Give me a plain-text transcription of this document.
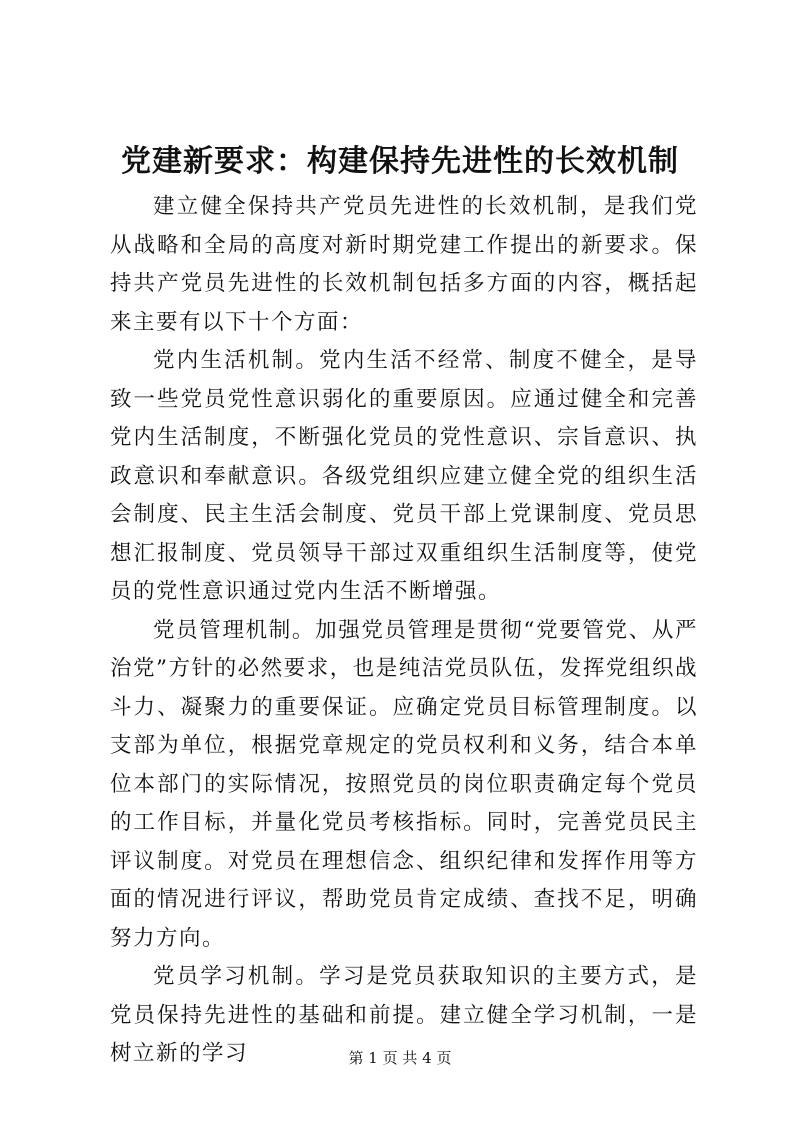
党建新要求：构建保持先进性的长效机制

建立健全保持共产党员先进性的长效机制，是我们党从战略和全局的高度对新时期党建工作提出的新要求。保持共产党员先进性的长效机制包括多方面的内容，概括起来主要有以下十个方面：

党内生活机制。党内生活不经常、制度不健全，是导致一些党员党性意识弱化的重要原因。应通过健全和完善党内生活制度，不断强化党员的党性意识、宗旨意识、执政意识和奉献意识。各级党组织应建立健全党的组织生活会制度、民主生活会制度、党员干部上党课制度、党员思想汇报制度、党员领导干部过双重组织生活制度等，使党员的党性意识通过党内生活不断增强。

党员管理机制。加强党员管理是贯彻“党要管党、从严治党”方针的必然要求，也是纯洁党员队伍，发挥党组织战斗力、凝聚力的重要保证。应确定党员目标管理制度。以支部为单位，根据党章规定的党员权利和义务，结合本单位本部门的实际情况，按照党员的岗位职责确定每个党员的工作目标，并量化党员考核指标。同时，完善党员民主评议制度。对党员在理想信念、组织纪律和发挥作用等方面的情况进行评议，帮助党员肯定成绩、查找不足，明确努力方向。

党员学习机制。学习是党员获取知识的主要方式，是党员保持先进性的基础和前提。建立健全学习机制，一是树立新的学习	第 1 页 共 4 页
